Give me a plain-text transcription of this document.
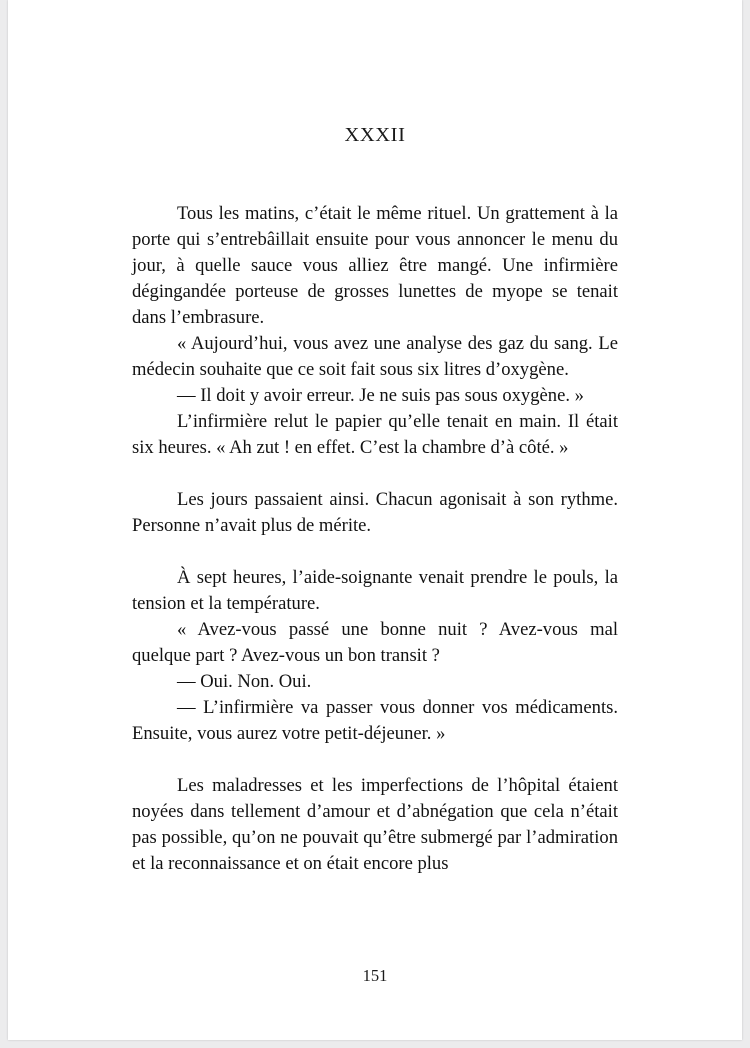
XXXII

Tous les matins, c’était le même rituel. Un grattement à la porte qui s’entrebâillait ensuite pour vous annoncer le menu du jour, à quelle sauce vous alliez être mangé. Une infirmière dégingandée porteuse de grosses lunettes de myope se tenait dans l’embrasure.

« Aujourd’hui, vous avez une analyse des gaz du sang. Le médecin souhaite que ce soit fait sous six litres d’oxygène.

— Il doit y avoir erreur. Je ne suis pas sous oxygène. »

L’infirmière relut le papier qu’elle tenait en main. Il était six heures. « Ah zut ! en effet. C’est la chambre d’à côté. »

Les jours passaient ainsi. Chacun agonisait à son rythme. Personne n’avait plus de mérite.

À sept heures, l’aide-soignante venait prendre le pouls, la tension et la température.

« Avez-vous passé une bonne nuit ? Avez-vous mal quelque part ? Avez-vous un bon transit ?

— Oui. Non. Oui.

— L’infirmière va passer vous donner vos médicaments. Ensuite, vous aurez votre petit-déjeuner. »

Les maladresses et les imperfections de l’hôpital étaient noyées dans tellement d’amour et d’abnégation que cela n’était pas possible, qu’on ne pouvait qu’être submergé par l’admiration et la reconnaissance et on était encore plus

151
